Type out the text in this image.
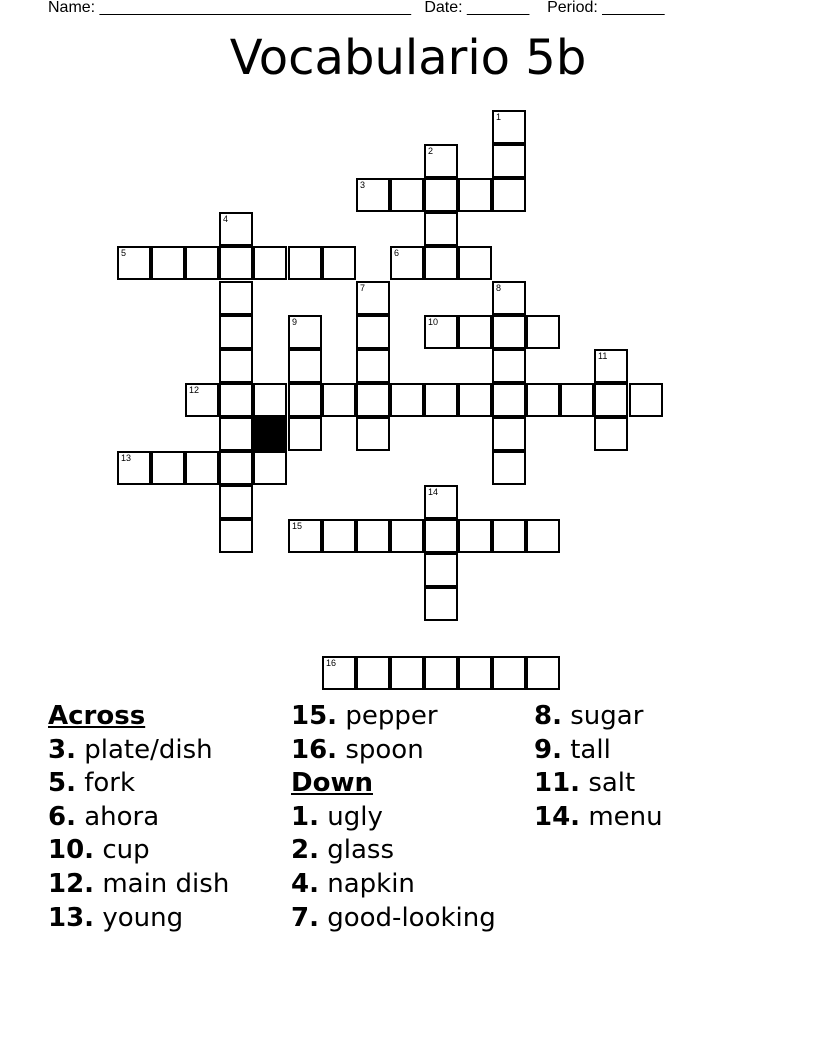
Name: ___________________________________   Date: _______    Period: _______
Vocabulario 5b
1
2
3
4
5	6
7	8
9	10
11
12
13
14
15
16
Across
3. plate/dish
5. fork
6. ahora
10. cup
12. main dish
13. young
15. pepper
16. spoon
Down
1. ugly
2. glass
4. napkin
7. good-looking
8. sugar
9. tall
11. salt
14. menu
